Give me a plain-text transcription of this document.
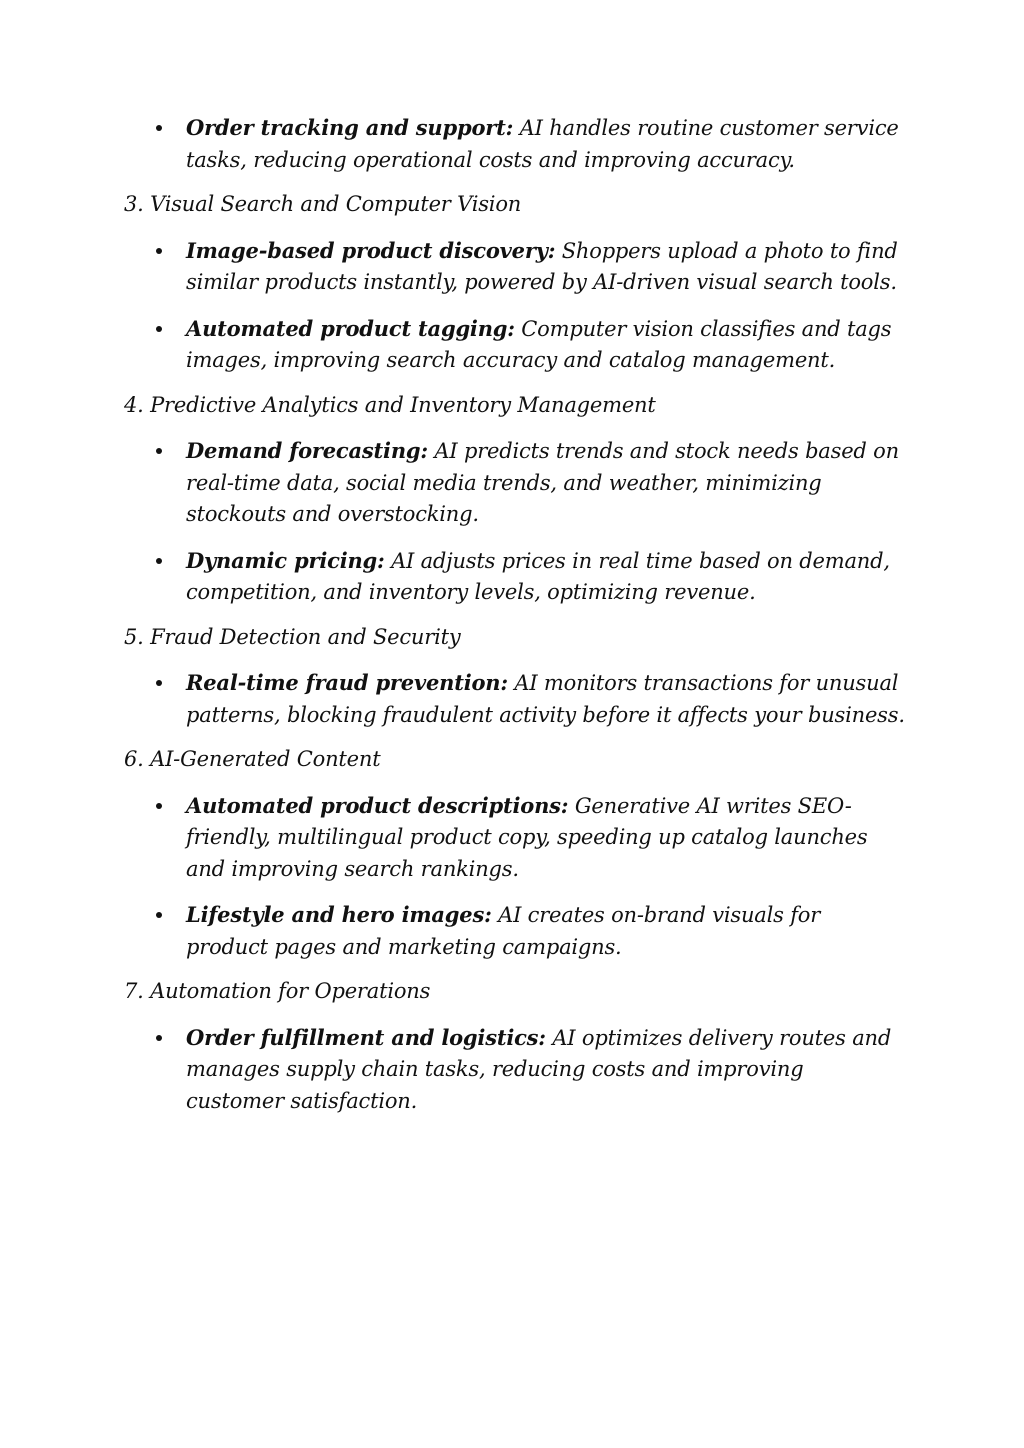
Order tracking and support: AI handles routine customer service tasks, reducing operational costs and improving accuracy.
3. Visual Search and Computer Vision
Image-based product discovery: Shoppers upload a photo to find similar products instantly, powered by AI-driven visual search tools.
Automated product tagging: Computer vision classifies and tags images, improving search accuracy and catalog management.
4. Predictive Analytics and Inventory Management
Demand forecasting: AI predicts trends and stock needs based on real-time data, social media trends, and weather, minimizing stockouts and overstocking.
Dynamic pricing: AI adjusts prices in real time based on demand, competition, and inventory levels, optimizing revenue.
5. Fraud Detection and Security
Real-time fraud prevention: AI monitors transactions for unusual patterns, blocking fraudulent activity before it affects your business.
6. AI-Generated Content
Automated product descriptions: Generative AI writes SEO-friendly, multilingual product copy, speeding up catalog launches and improving search rankings.
Lifestyle and hero images: AI creates on-brand visuals for product pages and marketing campaigns.
7. Automation for Operations
Order fulfillment and logistics: AI optimizes delivery routes and manages supply chain tasks, reducing costs and improving customer satisfaction.
